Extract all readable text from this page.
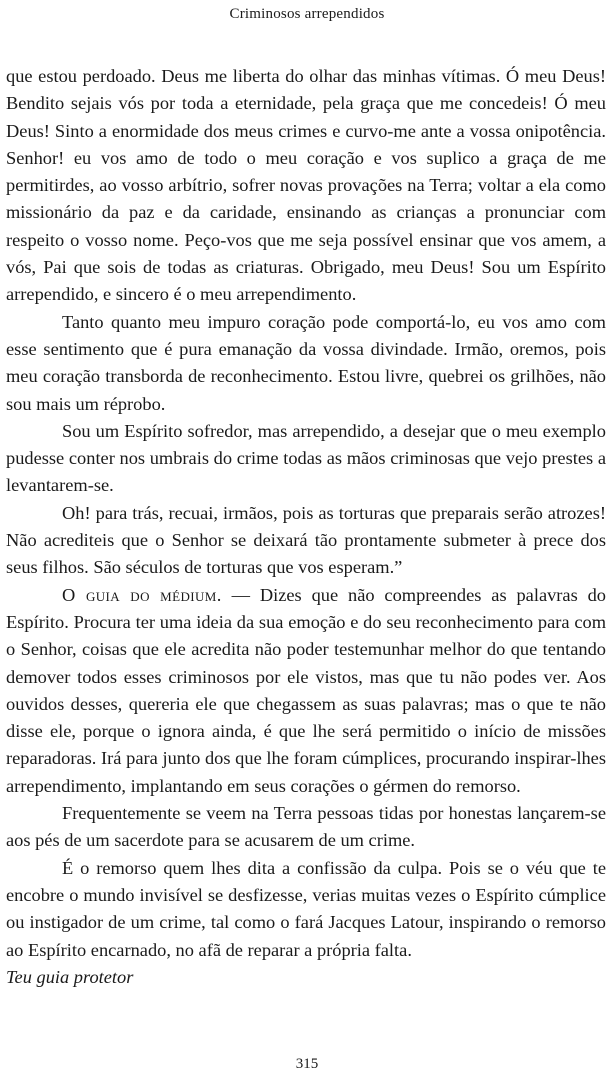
Criminosos arrependidos

que estou perdoado. Deus me liberta do olhar das minhas vítimas. Ó meu Deus! Bendito sejais vós por toda a eternidade, pela graça que me concedeis! Ó meu Deus! Sinto a enormidade dos meus crimes e curvo-me ante a vossa onipotência. Senhor! eu vos amo de todo o meu coração e vos suplico a graça de me permitirdes, ao vosso arbítrio, sofrer novas provações na Terra; voltar a ela como missionário da paz e da caridade, ensinando as crianças a pronunciar com respeito o vosso nome. Peço-vos que me seja possível ensinar que vos amem, a vós, Pai que sois de todas as criaturas. Obrigado, meu Deus! Sou um Espírito arrependido, e sincero é o meu arrependimento.

Tanto quanto meu impuro coração pode comportá-lo, eu vos amo com esse sentimento que é pura emanação da vossa divindade. Irmão, oremos, pois meu coração transborda de reconhecimento. Estou livre, quebrei os grilhões, não sou mais um réprobo.

Sou um Espírito sofredor, mas arrependido, a desejar que o meu exemplo pudesse conter nos umbrais do crime todas as mãos criminosas que vejo prestes a levantarem-se.

Oh! para trás, recuai, irmãos, pois as torturas que preparais serão atrozes! Não acrediteis que o Senhor se deixará tão prontamente submeter à prece dos seus filhos. São séculos de torturas que vos esperam.”

O guia do médium. — Dizes que não compreendes as palavras do Espírito. Procura ter uma ideia da sua emoção e do seu reconhecimento para com o Senhor, coisas que ele acredita não poder testemunhar melhor do que tentando demover todos esses criminosos por ele vistos, mas que tu não podes ver. Aos ouvidos desses, quereria ele que chegassem as suas palavras; mas o que te não disse ele, porque o ignora ainda, é que lhe será permitido o início de missões reparadoras. Irá para junto dos que lhe foram cúmplices, procurando inspirar-lhes arrependimento, implantando em seus corações o gérmen do remorso.

Frequentemente se veem na Terra pessoas tidas por honestas lançarem-se aos pés de um sacerdote para se acusarem de um crime.

É o remorso quem lhes dita a confissão da culpa. Pois se o véu que te encobre o mundo invisível se desfizesse, verias muitas vezes o Espírito cúmplice ou instigador de um crime, tal como o fará Jacques Latour, inspirando o remorso ao Espírito encarnado, no afã de reparar a própria falta.

Teu guia protetor

315
